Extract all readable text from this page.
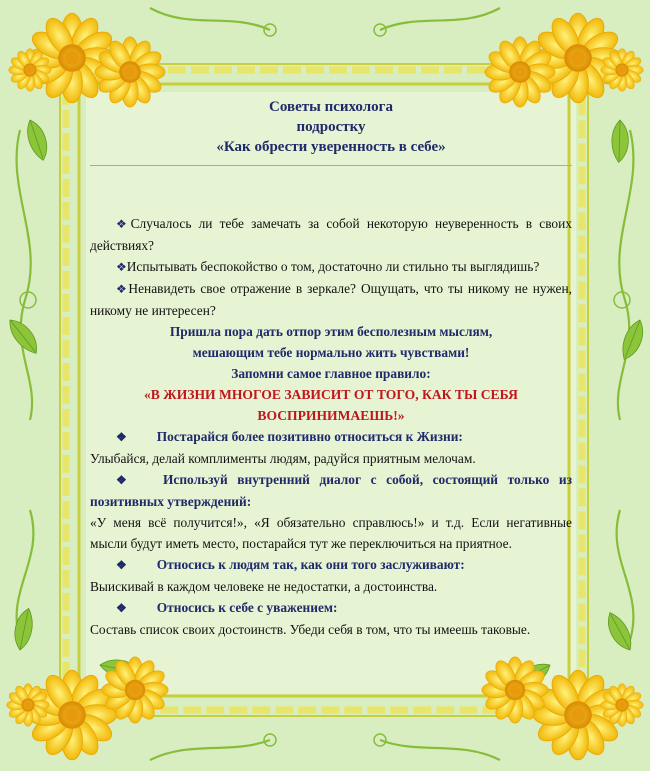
Советы психолога
подростку
«Как обрести уверенность в себе»

❖Случалось ли тебе замечать за собой некоторую неуверенность в своих действиях?

❖Испытывать беспокойство о том, достаточно ли стильно ты выглядишь?

❖Ненавидеть свое отражение в зеркале? Ощущать, что ты никому не нужен, никому не интересен?

Пришла пора дать отпор этим бесполезным мыслям,

мешающим тебе нормально жить чувствами!

Запомни самое главное правило:

«В ЖИЗНИ МНОГОЕ ЗАВИСИТ ОТ ТОГО, КАК ТЫ СЕБЯ

ВОСПРИНИМАЕШЬ!»

❖ Постарайся более позитивно относиться к Жизни:

Улыбайся, делай комплименты людям, радуйся приятным мелочам.

❖ Используй внутренний диалог с собой, состоящий только из позитивных утверждений:

«У меня всё получится!», «Я обязательно справлюсь!» и т.д. Если негативные мысли будут иметь место, постарайся тут же переключиться на приятное.

❖ Относись к людям так, как они того заслуживают:

Выискивай в каждом человеке не недостатки, а достоинства.

❖ Относись к себе с уважением:

Составь список своих достоинств. Убеди себя в том, что ты имеешь таковые.
